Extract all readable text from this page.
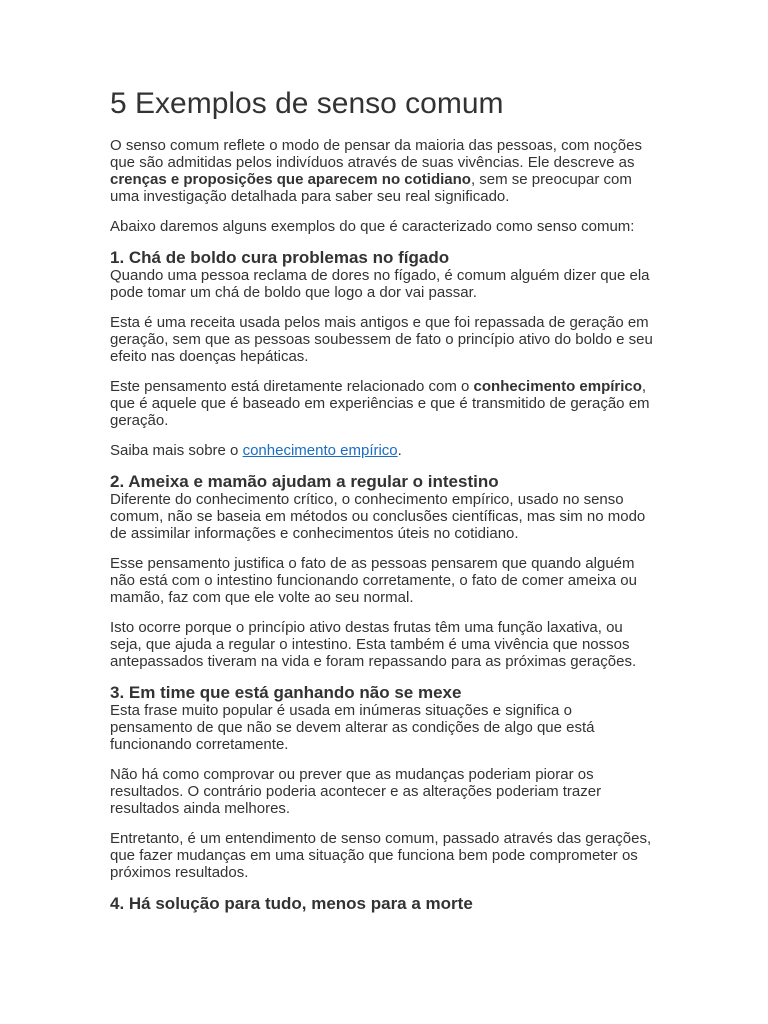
5 Exemplos de senso comum

O senso comum reflete o modo de pensar da maioria das pessoas, com noções que são admitidas pelos indivíduos através de suas vivências. Ele descreve as crenças e proposições que aparecem no cotidiano, sem se preocupar com uma investigação detalhada para saber seu real significado.

Abaixo daremos alguns exemplos do que é caracterizado como senso comum:

1. Chá de boldo cura problemas no fígado

Quando uma pessoa reclama de dores no fígado, é comum alguém dizer que ela pode tomar um chá de boldo que logo a dor vai passar.

Esta é uma receita usada pelos mais antigos e que foi repassada de geração em geração, sem que as pessoas soubessem de fato o princípio ativo do boldo e seu efeito nas doenças hepáticas.

Este pensamento está diretamente relacionado com o conhecimento empírico, que é aquele que é baseado em experiências e que é transmitido de geração em geração.

Saiba mais sobre o conhecimento empírico.

2. Ameixa e mamão ajudam a regular o intestino

Diferente do conhecimento crítico, o conhecimento empírico, usado no senso comum, não se baseia em métodos ou conclusões científicas, mas sim no modo de assimilar informações e conhecimentos úteis no cotidiano.

Esse pensamento justifica o fato de as pessoas pensarem que quando alguém não está com o intestino funcionando corretamente, o fato de comer ameixa ou mamão, faz com que ele volte ao seu normal.

Isto ocorre porque o princípio ativo destas frutas têm uma função laxativa, ou seja, que ajuda a regular o intestino. Esta também é uma vivência que nossos antepassados tiveram na vida e foram repassando para as próximas gerações.

3. Em time que está ganhando não se mexe

Esta frase muito popular é usada em inúmeras situações e significa o pensamento de que não se devem alterar as condições de algo que está funcionando corretamente.

Não há como comprovar ou prever que as mudanças poderiam piorar os resultados. O contrário poderia acontecer e as alterações poderiam trazer resultados ainda melhores.

Entretanto, é um entendimento de senso comum, passado através das gerações, que fazer mudanças em uma situação que funciona bem pode comprometer os próximos resultados.

4. Há solução para tudo, menos para a morte
